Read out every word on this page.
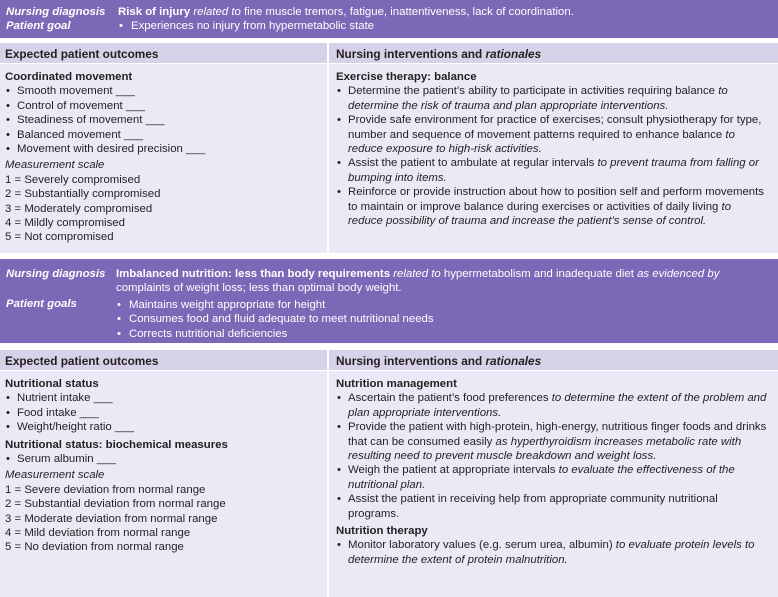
Nursing diagnosis
Patient goal
Risk of injury related to fine muscle tremors, fatigue, inattentiveness, lack of coordination.
• Experiences no injury from hypermetabolic state
Expected patient outcomes	Nursing interventions and rationales
Coordinated movement
• Smooth movement ___
• Control of movement ___
• Steadiness of movement ___
• Balanced movement ___
• Movement with desired precision ___
Measurement scale
1 = Severely compromised
2 = Substantially compromised
3 = Moderately compromised
4 = Mildly compromised
5 = Not compromised
Exercise therapy: balance
• Determine the patient’s ability to participate in activities requiring balance to determine the risk of trauma and plan appropriate interventions.
• Provide safe environment for practice of exercises; consult physiotherapy for type, number and sequence of movement patterns required to enhance balance to reduce exposure to high-risk activities.
• Assist the patient to ambulate at regular intervals to prevent trauma from falling or bumping into items.
• Reinforce or provide instruction about how to position self and perform movements to maintain or improve balance during exercises or activities of daily living to reduce possibility of trauma and increase the patient’s sense of control.
Nursing diagnosis
Patient goals
Imbalanced nutrition: less than body requirements related to hypermetabolism and inadequate diet as evidenced by complaints of weight loss; less than optimal body weight.
• Maintains weight appropriate for height
• Consumes food and fluid adequate to meet nutritional needs
• Corrects nutritional deficiencies
Expected patient outcomes	Nursing interventions and rationales
Nutritional status
• Nutrient intake ___
• Food intake ___
• Weight/height ratio ___
Nutritional status: biochemical measures
• Serum albumin ___
Measurement scale
1 = Severe deviation from normal range
2 = Substantial deviation from normal range
3 = Moderate deviation from normal range
4 = Mild deviation from normal range
5 = No deviation from normal range
Nutrition management
• Ascertain the patient’s food preferences to determine the extent of the problem and plan appropriate interventions.
• Provide the patient with high-protein, high-energy, nutritious finger foods and drinks that can be consumed easily as hyperthyroidism increases metabolic rate with resulting need to prevent muscle breakdown and weight loss.
• Weigh the patient at appropriate intervals to evaluate the effectiveness of the nutritional plan.
• Assist the patient in receiving help from appropriate community nutritional programs.
Nutrition therapy
• Monitor laboratory values (e.g. serum urea, albumin) to evaluate protein levels to determine the extent of protein malnutrition.
